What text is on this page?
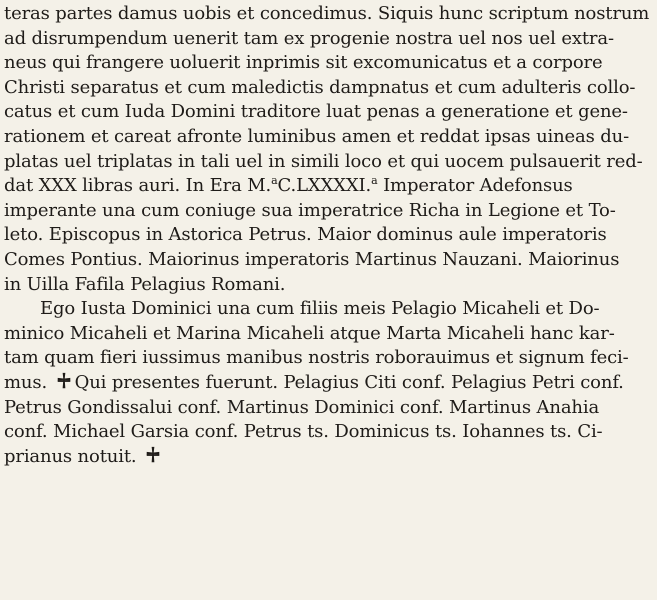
teras partes damus uobis et concedimus. Siquis hunc scriptum nostrum
ad disrumpendum uenerit tam ex progenie nostra uel nos uel extra-
neus qui frangere uoluerit inprimis sit excomunicatus et a corpore
Christi separatus et cum maledictis dampnatus et cum adulteris collo-
catus et cum Iuda Domini traditore luat penas a generatione et gene-
rationem et careat afronte luminibus amen et reddat ipsas uineas du-
platas uel triplatas in tali uel in simili loco et qui uocem pulsauerit red-
dat XXX libras auri. In Era M.$^a$C.LXXXXI.$^a$ Imperator Adefonsus
imperante una cum coniuge sua imperatrice Richa in Legione et To-
leto. Episcopus in Astorica Petrus. Maior dominus aule imperatoris
Comes Pontius. Maiorinus imperatoris Martinus Nauzani. Maiorinus
in Uilla Fafila Pelagius Romani.
Ego Iusta Dominici una cum filiis meis Pelagio Micaheli et Do-
minico Micaheli et Marina Micaheli atque Marta Micaheli hanc kar-
tam quam fieri iussimus manibus nostris roborauimus et signum feci-
mus. Qui presentes fuerunt. Pelagius Citi conf. Pelagius Petri conf.
Petrus Gondissalui conf. Martinus Dominici conf. Martinus Anahia
conf. Michael Garsia conf. Petrus ts. Dominicus ts. Iohannes ts. Ci-
prianus notuit.
